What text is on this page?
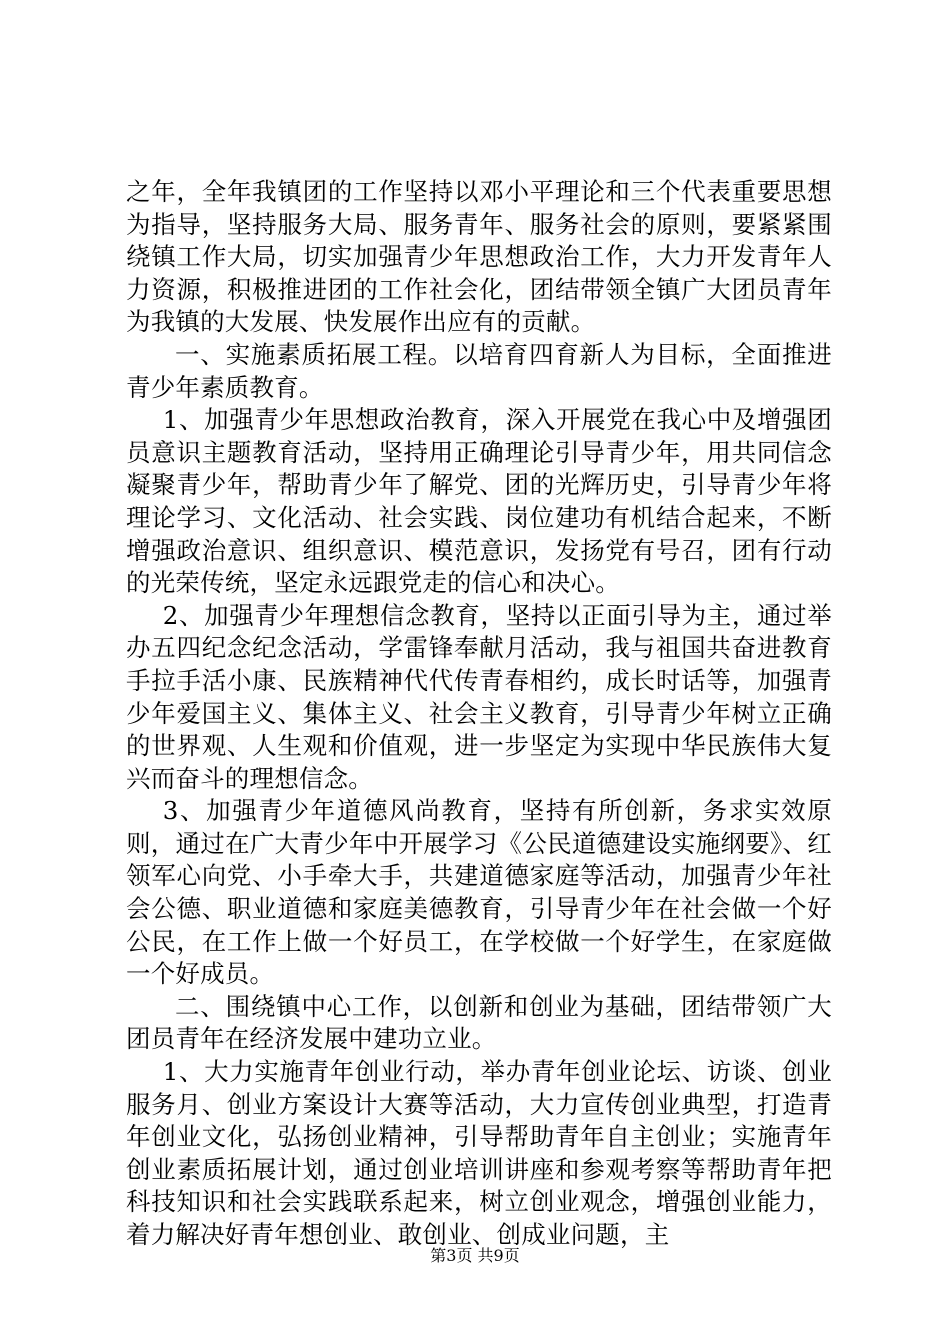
之年，全年我镇团的工作坚持以邓小平理论和三个代表重要思想为指导，坚持服务大局、服务青年、服务社会的原则，要紧紧围绕镇工作大局，切实加强青少年思想政治工作，大力开发青年人力资源，积极推进团的工作社会化，团结带领全镇广大团员青年为我镇的大发展、快发展作出应有的贡献。

一、实施素质拓展工程。以培育四育新人为目标，全面推进青少年素质教育。

1、加强青少年思想政治教育，深入开展党在我心中及增强团员意识主题教育活动，坚持用正确理论引导青少年，用共同信念凝聚青少年，帮助青少年了解党、团的光辉历史，引导青少年将理论学习、文化活动、社会实践、岗位建功有机结合起来，不断增强政治意识、组织意识、模范意识，发扬党有号召，团有行动的光荣传统，坚定永远跟党走的信心和决心。

2、加强青少年理想信念教育，坚持以正面引导为主，通过举办五四纪念纪念活动，学雷锋奉献月活动，我与祖国共奋进教育手拉手活小康、民族精神代代传青春相约，成长时话等，加强青少年爱国主义、集体主义、社会主义教育，引导青少年树立正确的世界观、人生观和价值观，进一步坚定为实现中华民族伟大复兴而奋斗的理想信念。

3、加强青少年道德风尚教育，坚持有所创新，务求实效原则，通过在广大青少年中开展学习《公民道德建设实施纲要》、红领军心向党、小手牵大手，共建道德家庭等活动，加强青少年社会公德、职业道德和家庭美德教育，引导青少年在社会做一个好公民，在工作上做一个好员工，在学校做一个好学生，在家庭做一个好成员。

二、围绕镇中心工作，以创新和创业为基础，团结带领广大团员青年在经济发展中建功立业。

1、大力实施青年创业行动，举办青年创业论坛、访谈、创业服务月、创业方案设计大赛等活动，大力宣传创业典型，打造青年创业文化，弘扬创业精神，引导帮助青年自主创业；实施青年创业素质拓展计划，通过创业培训讲座和参观考察等帮助青年把科技知识和社会实践联系起来，树立创业观念，增强创业能力，着力解决好青年想创业、敢创业、创成业问题，主

第3页 共9页
